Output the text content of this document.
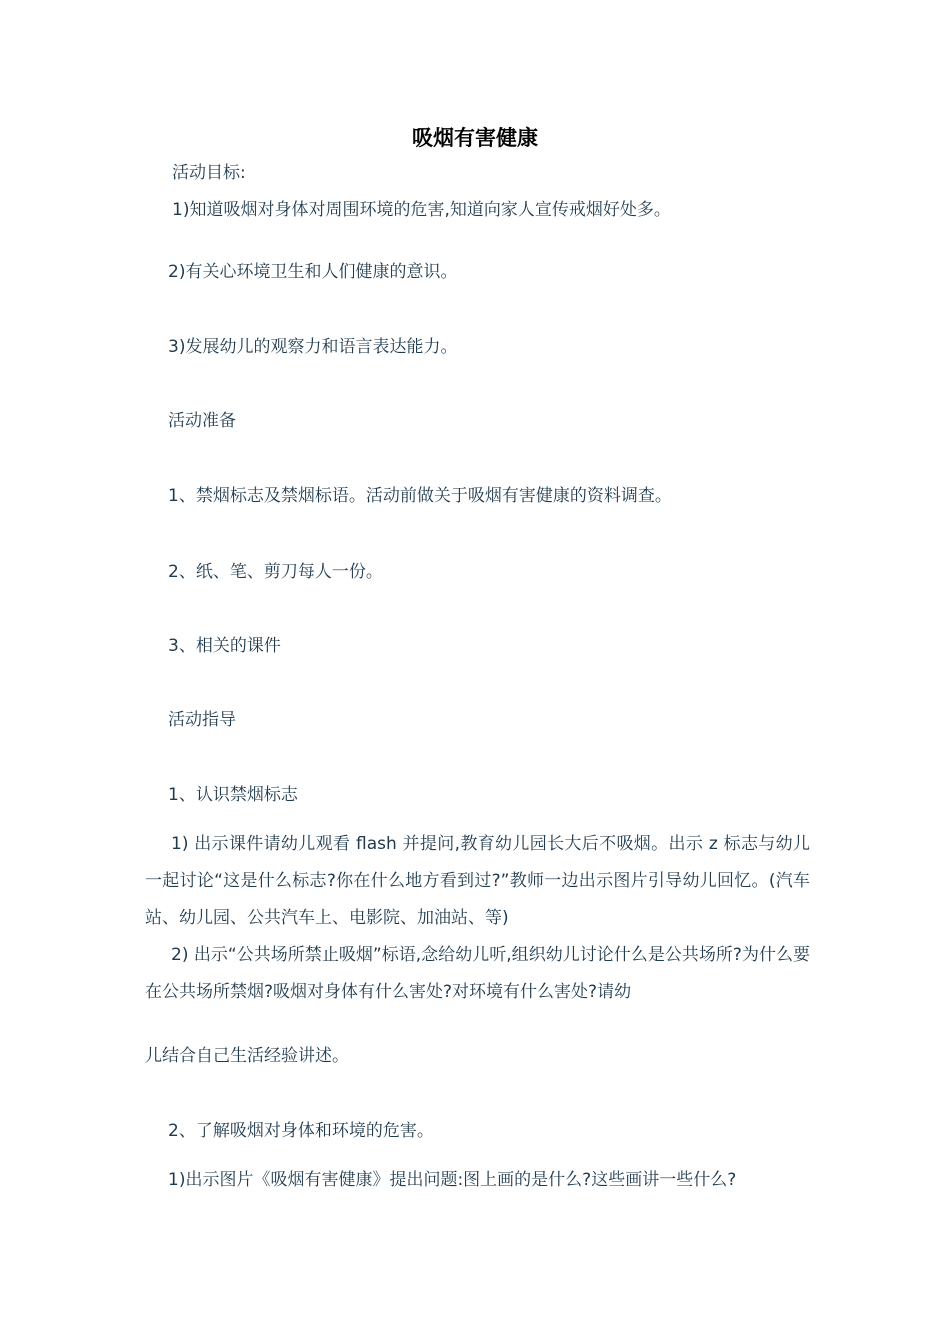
吸烟有害健康
活动目标:
1)知道吸烟对身体对周围环境的危害,知道向家人宣传戒烟好处多。
2)有关心环境卫生和人们健康的意识。
3)发展幼儿的观察力和语言表达能力。
活动准备
1、禁烟标志及禁烟标语。活动前做关于吸烟有害健康的资料调查。
2、纸、笔、剪刀每人一份。
3、相关的课件
活动指导
1、认识禁烟标志
1) 出示课件请幼儿观看 flash 并提问,教育幼儿园长大后不吸烟。出示 z 标志与幼儿一起讨论“这是什么标志?你在什么地方看到过?”教师一边出示图片引导幼儿回忆。(汽车站、幼儿园、公共汽车上、电影院、加油站、等)
2) 出示“公共场所禁止吸烟”标语,念给幼儿听,组织幼儿讨论什么是公共场所?为什么要在公共场所禁烟?吸烟对身体有什么害处?对环境有什么害处?请幼
儿结合自己生活经验讲述。
2、了解吸烟对身体和环境的危害。
1)出示图片《吸烟有害健康》提出问题:图上画的是什么?这些画讲一些什么?
